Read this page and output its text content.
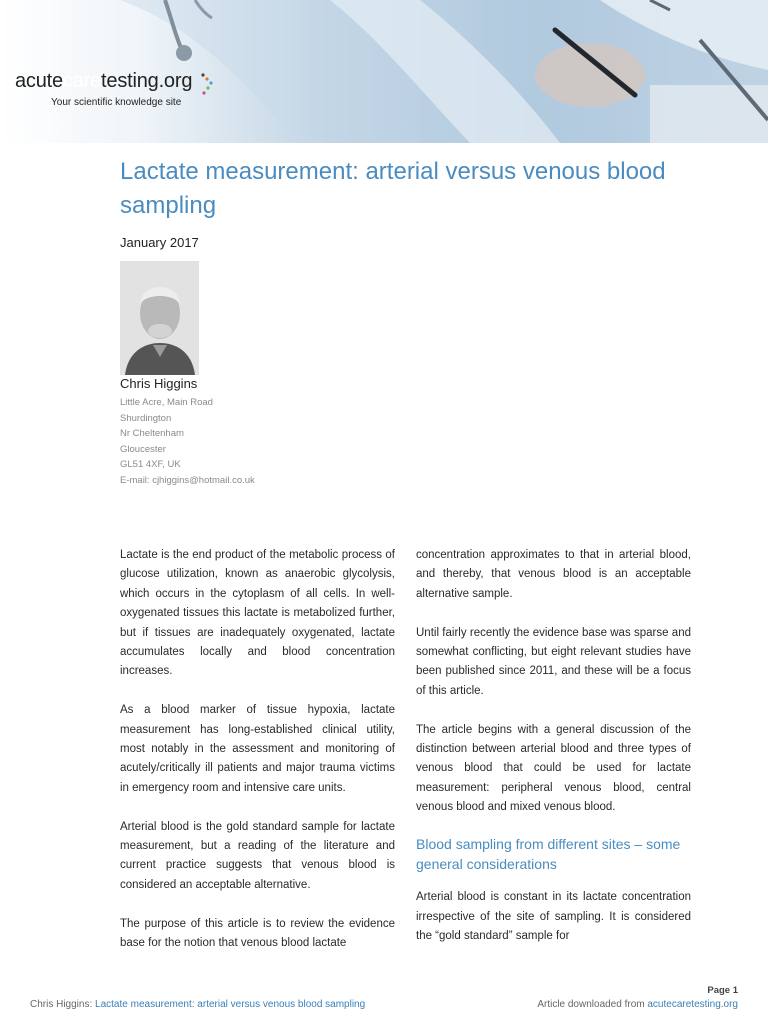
acutecaretesting.org
Your scientific knowledge site
Lactate measurement: arterial versus venous blood sampling
January 2017
Chris Higgins
Little Acre, Main Road
Shurdington
Nr Cheltenham
Gloucester
GL51 4XF, UK
E-mail: cjhiggins@hotmail.co.uk

Lactate is the end product of the metabolic process of glucose utilization, known as anaerobic glycolysis, which occurs in the cytoplasm of all cells. In well-oxygenated tissues this lactate is metabolized further, but if tissues are inadequately oxygenated, lactate accumulates locally and blood concentration increases.

As a blood marker of tissue hypoxia, lactate measurement has long-established clinical utility, most notably in the assessment and monitoring of acutely/critically ill patients and major trauma victims in emergency room and intensive care units.

Arterial blood is the gold standard sample for lactate measurement, but a reading of the literature and current practice suggests that venous blood is considered an acceptable alternative.

The purpose of this article is to review the evidence base for the notion that venous blood lactate

concentration approximates to that in arterial blood, and thereby, that venous blood is an acceptable alternative sample.

Until fairly recently the evidence base was sparse and somewhat conflicting, but eight relevant studies have been published since 2011, and these will be a focus of this article.

The article begins with a general discussion of the distinction between arterial blood and three types of venous blood that could be used for lactate measurement: peripheral venous blood, central venous blood and mixed venous blood.

Blood sampling from different sites – some general considerations

Arterial blood is constant in its lactate concentration irrespective of the site of sampling. It is considered the “gold standard” sample for

Page 1
Chris Higgins: Lactate measurement: arterial versus venous blood sampling	Article downloaded from acutecaretesting.org
